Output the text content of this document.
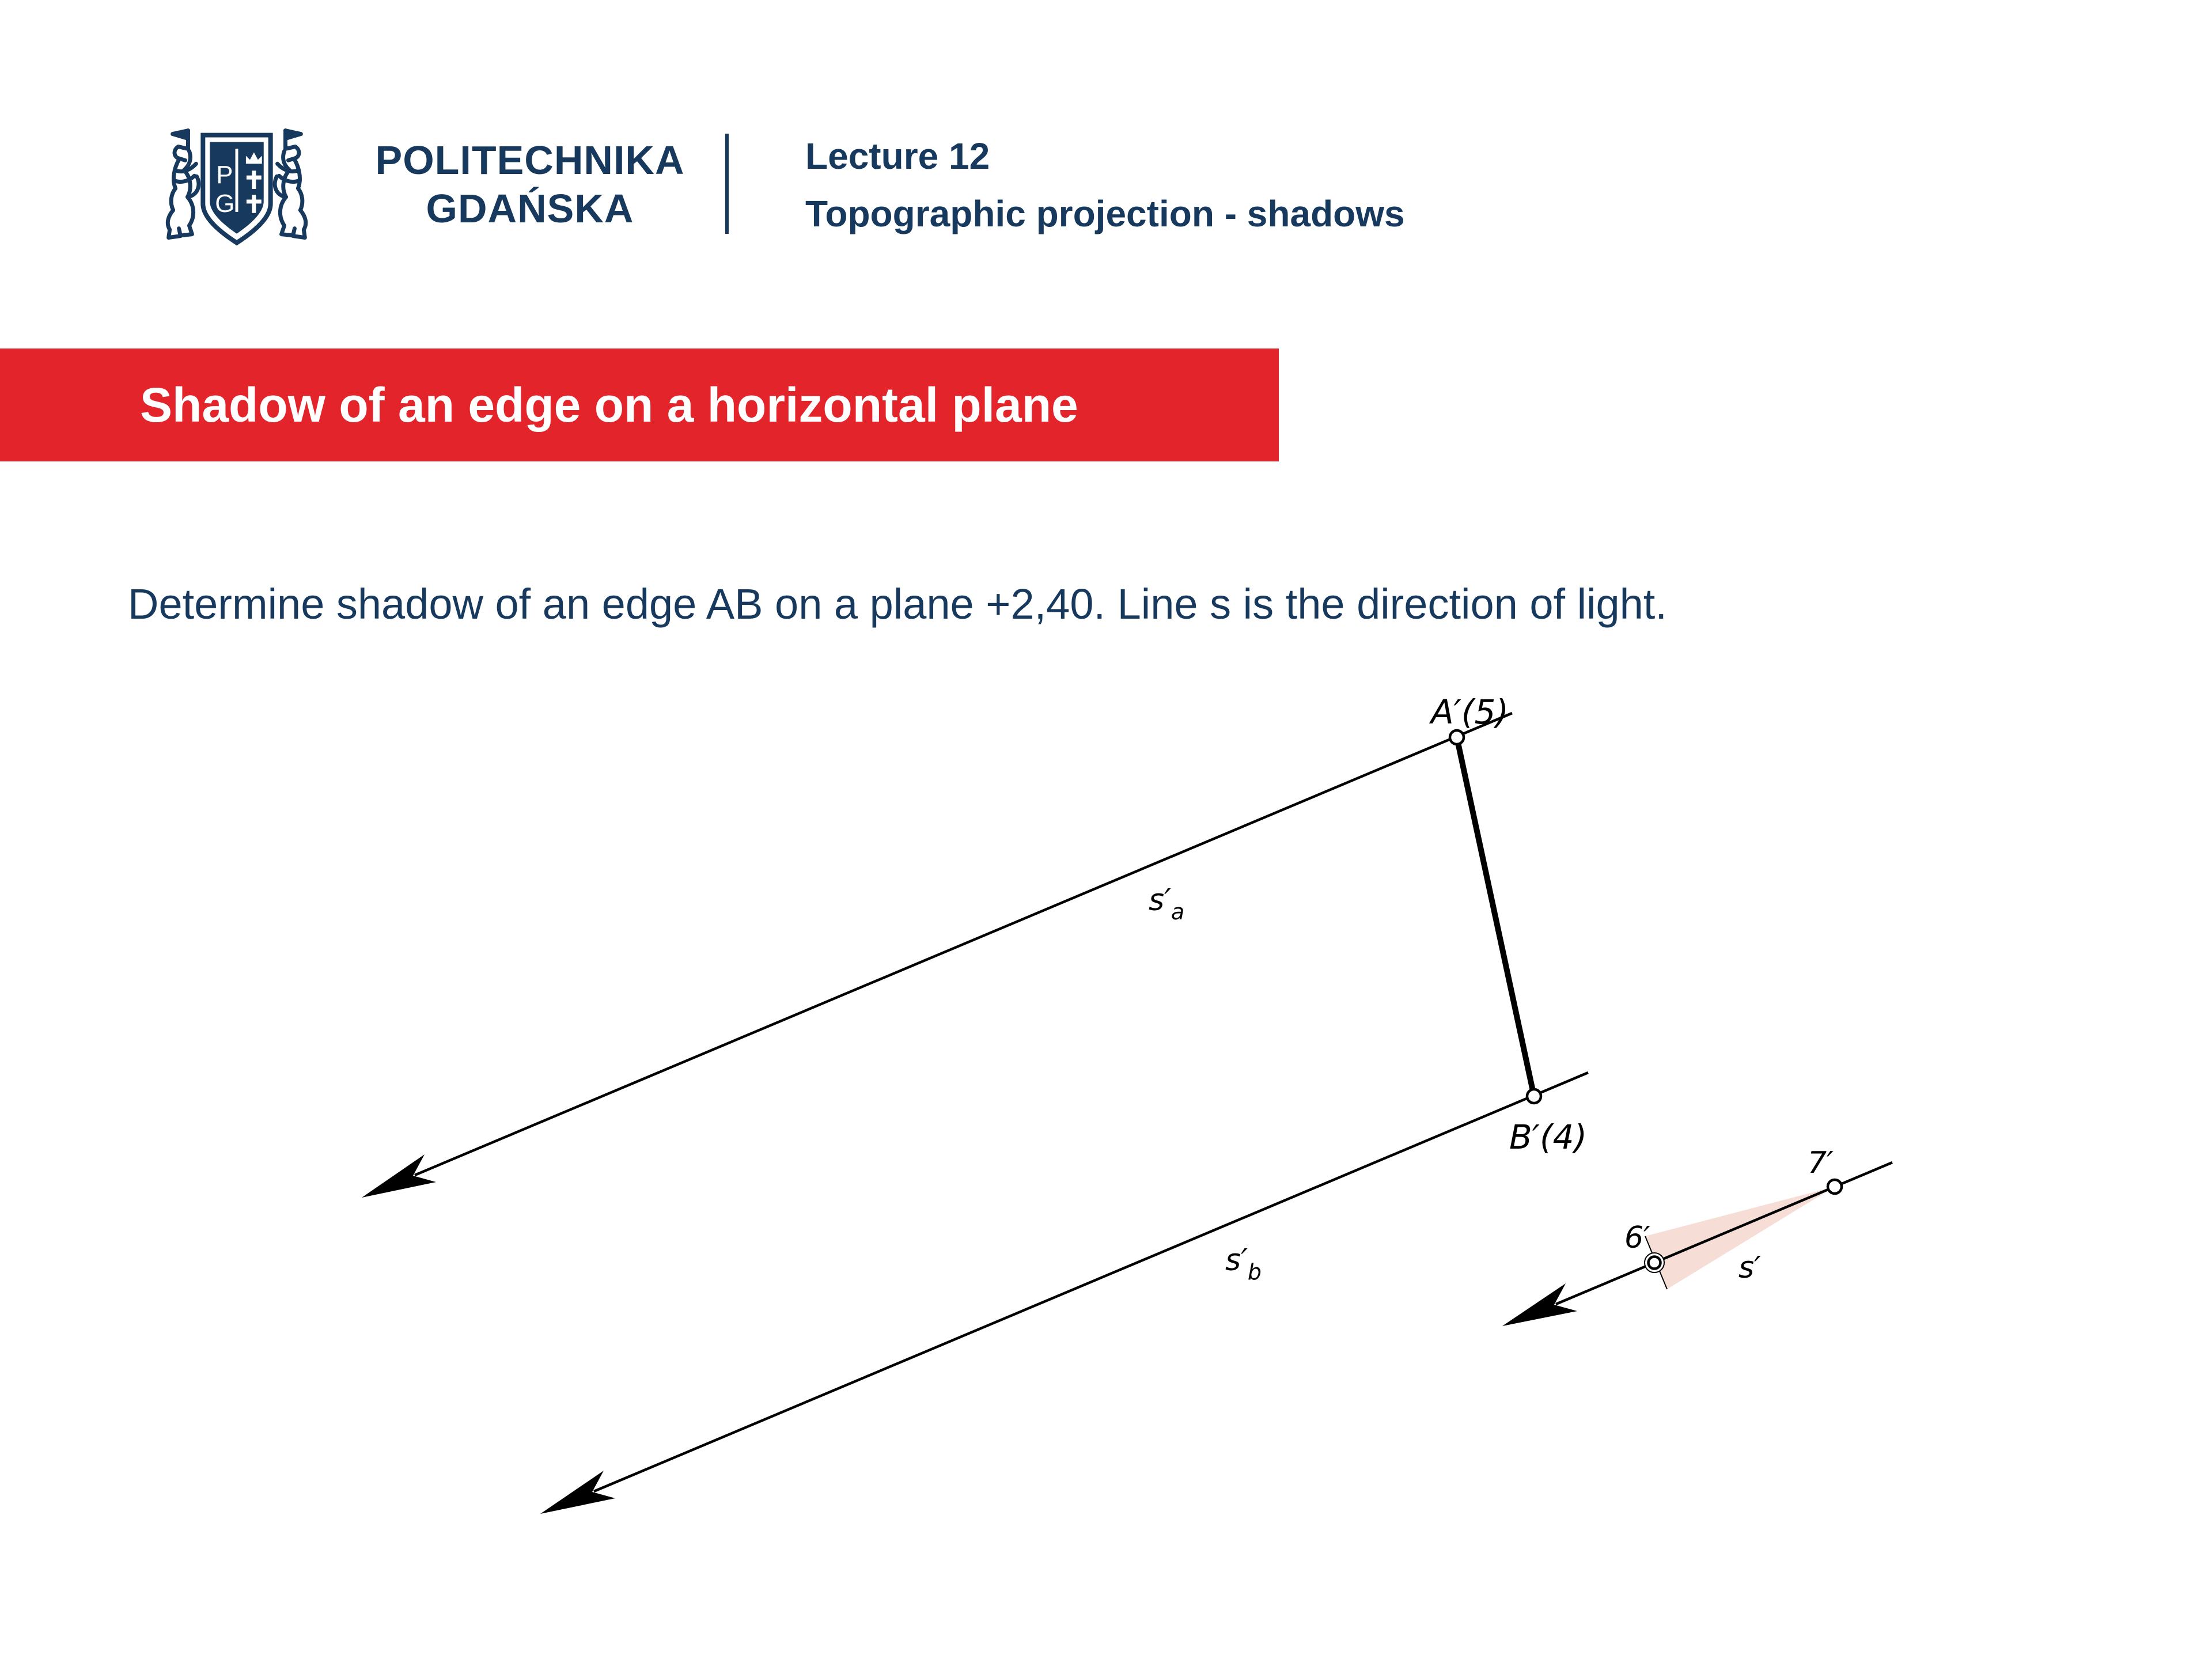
P
G
POLITECHNIKA
GDAŃSKA
Lecture 12
Topographic projection - shadows
Shadow of an edge on a horizontal plane
Determine shadow of an edge AB on a plane +2,40. Line s is the direction of light.
A′(5)
B′(4)
6′
7′
$s'_a$
$s'_b$	s′
